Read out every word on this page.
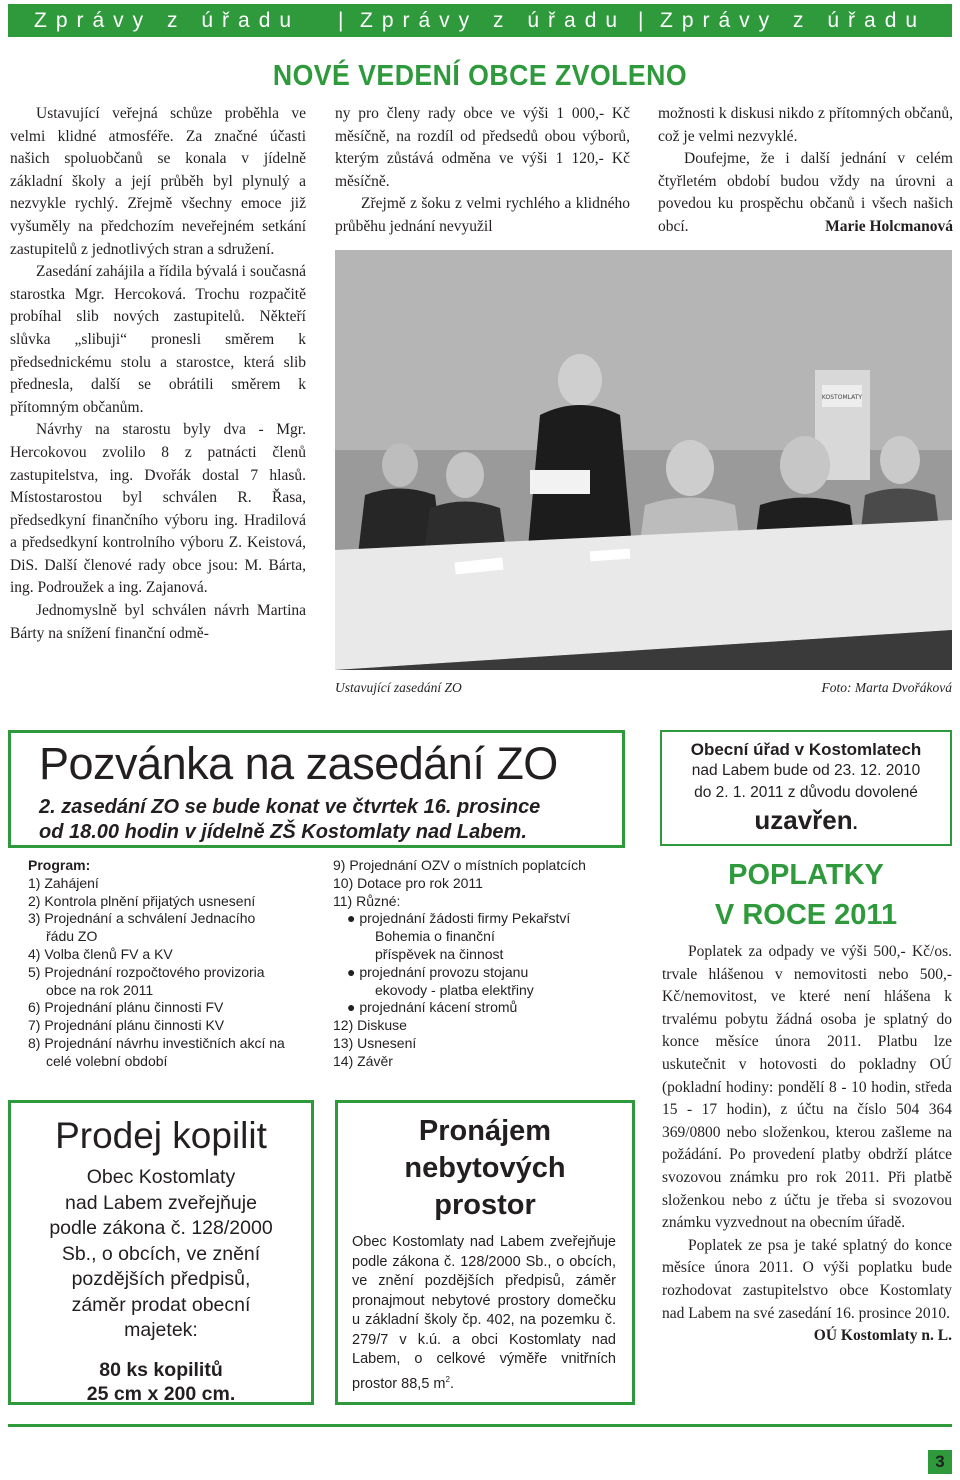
Zprávy z úřadu | Zprávy z úřadu | Zprávy z úřadu
NOVÉ VEDENÍ OBCE ZVOLENO

Ustavující veřejná schůze proběhla ve velmi klidné atmosféře. Za značné účasti našich spoluobčanů se konala v jídelně základní školy a její průběh byl plynulý a nezvykle rychlý. Zřejmě všechny emoce již vyšuměly na předchozím neveřejném setkání zastupitelů z jednotlivých stran a sdružení.

Zasedání zahájila a řídila bývalá i současná starostka Mgr. Hercoková. Trochu rozpačitě probíhal slib nových zastupitelů. Někteří slůvka „slibuji“ pronesli směrem k předsednickému stolu a starostce, která slib přednesla, další se obrátili směrem k přítomným občanům.

Návrhy na starostu byly dva - Mgr. Hercokovou zvolilo 8 z patnácti členů zastupitelstva, ing. Dvořák dostal 7 hlasů. Místostarostou byl schválen R. Řasa, předsedkyní finančního výboru ing. Hradilová a předsedkyní kontrolního výboru Z. Keistová, DiS. Další členové rady obce jsou: M. Bárta, ing. Podroužek a ing. Zajanová.

Jednomyslně byl schválen návrh Martina Bárty na snížení finanční odmě-

ny pro členy rady obce ve výši 1 000,- Kč měsíčně, na rozdíl od předsedů obou výborů, kterým zůstává odměna ve výši 1 120,- Kč měsíčně.

Zřejmě z šoku z velmi rychlého a klidného průběhu jednání nevyužil

možnosti k diskusi nikdo z přítomných občanů, což je velmi nezvyklé.

Doufejme, že i další jednání v celém čtyřletém období budou vždy na úrovni a povedou ku prospěchu občanů i všech našich obcí.	Marie Holcmanová
KOSTOMLATY
Ustavující zasedání ZO	Foto: Marta Dvořáková
Pozvánka na zasedání ZO
2. zasedání ZO se bude konat ve čtvrtek 16. prosince
od 18.00 hodin v jídelně ZŠ Kostomlaty nad Labem.
Program:
1) Zahájení
2) Kontrola plnění přijatých usnesení
3) Projednání a schválení Jednacího
řádu ZO
4) Volba členů FV a KV
5) Projednání rozpočtového provizoria
obce na rok 2011
6) Projednání plánu činnosti FV
7) Projednání plánu činnosti KV
8) Projednání návrhu investičních akcí na
celé volební období
9) Projednání OZV o místních poplatcích
10) Dotace pro rok 2011
11) Různé:
● projednání žádosti firmy Pekařství
Bohemia o finanční
příspěvek na činnost
● projednání provozu stojanu
ekovody - platba elektřiny
● projednání kácení stromů
12) Diskuse
13) Usnesení
14) Závěr
Obecní úřad v Kostomlatech
nad Labem bude od 23. 12. 2010
do 2. 1. 2011 z důvodu dovolené
uzavřen.
POPLATKY
V ROCE 2011

Poplatek za odpady ve výši 500,- Kč/os. trvale hlášenou v nemovitosti nebo 500,- Kč/nemovitost, ve které není hlášena k trvalému pobytu žádná osoba je splatný do konce měsíce února 2011. Platbu lze uskutečnit v hotovosti do pokladny OÚ (pokladní hodiny: pondělí 8 - 10 hodin, středa 15 - 17 hodin), z účtu na číslo 504 364 369/0800 nebo složenkou, kterou zašleme na požádání. Po provedení platby obdrží plátce svozovou známku pro rok 2011. Při platbě složenkou nebo z účtu je třeba si svozovou známku vyzvednout na obecním úřadě.

Poplatek ze psa je také splatný do konce měsíce února 2011. O výši poplatku bude rozhodovat zastupitelstvo obce Kostomlaty nad Labem na své zasedání 16. prosince 2010.

OÚ Kostomlaty n. L.
Prodej kopilit
Obec Kostomlaty
nad Labem zveřejňuje
podle zákona č. 128/2000
Sb., o obcích, ve znění
pozdějších předpisů,
záměr prodat obecní
majetek:
80 ks kopilitů
25 cm x 200 cm.
Pronájem
nebytových
prostor
Obec Kostomlaty nad Labem zveřejňuje podle zákona č. 128/2000 Sb., o obcích, ve znění pozdějších předpisů, záměr pronajmout nebytové prostory domečku u základní školy čp. 402, na pozemku č. 279/7 v k.ú. a obci Kostomlaty nad Labem, o celkové výměře vnitřních prostor 88,5 $m^2$.
3
